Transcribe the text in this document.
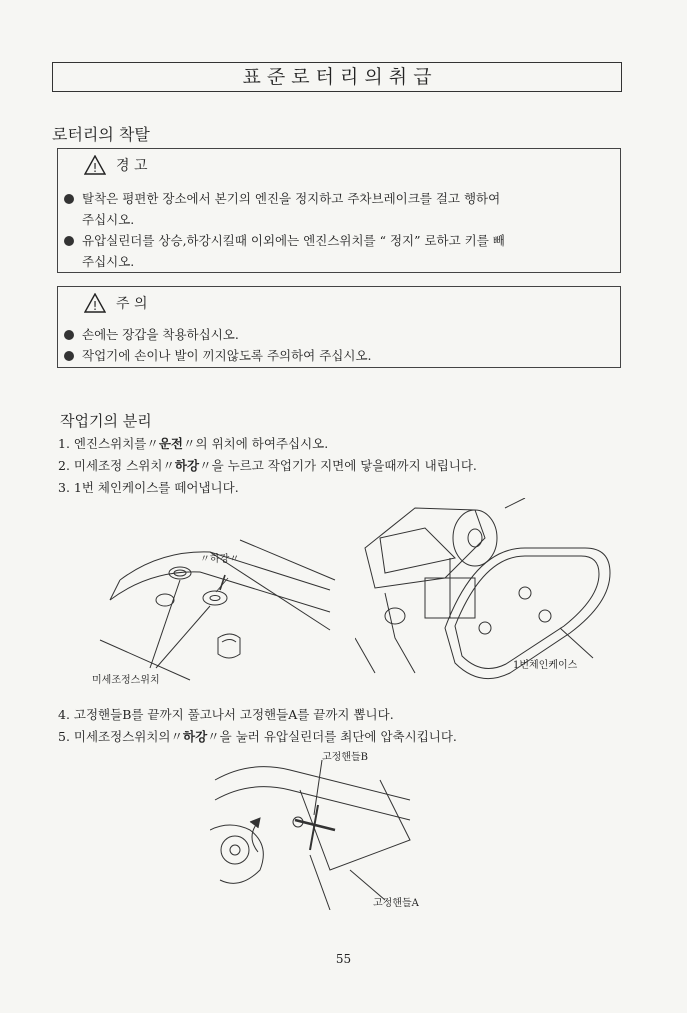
표 준 로 터 리 의 취 급
로터리의 착탈
! 경 고
탈착은 평편한 장소에서 본기의 엔진을 정지하고 주차브레이크를 걸고 행하여
주십시오.
유압실린더를 상승,하강시킬때 이외에는 엔진스위치를 “ 정지” 로하고 키를 빼
주십시오.
! 주 의
손에는 장갑을 착용하십시오.
작업기에 손이나 발이 끼지않도록 주의하여 주십시오.
작업기의 분리
1. 엔진스위치를〃운전〃의 위치에 하여주십시오.
2. 미세조정 스위치〃하강〃을 누르고 작업기가 지면에 닿을때까지 내립니다.
3. 1번 체인케이스를 떼어냅니다.
〃하강〃
미세조정스위치
1번체인케이스
4. 고정핸들B를 끝까지 풀고나서 고정핸들A를 끝까지 뽑니다.
5. 미세조정스위치의〃하강〃을 눌러 유압실린더를 최단에 압축시킵니다.
고정핸들B
고정핸들A
55
